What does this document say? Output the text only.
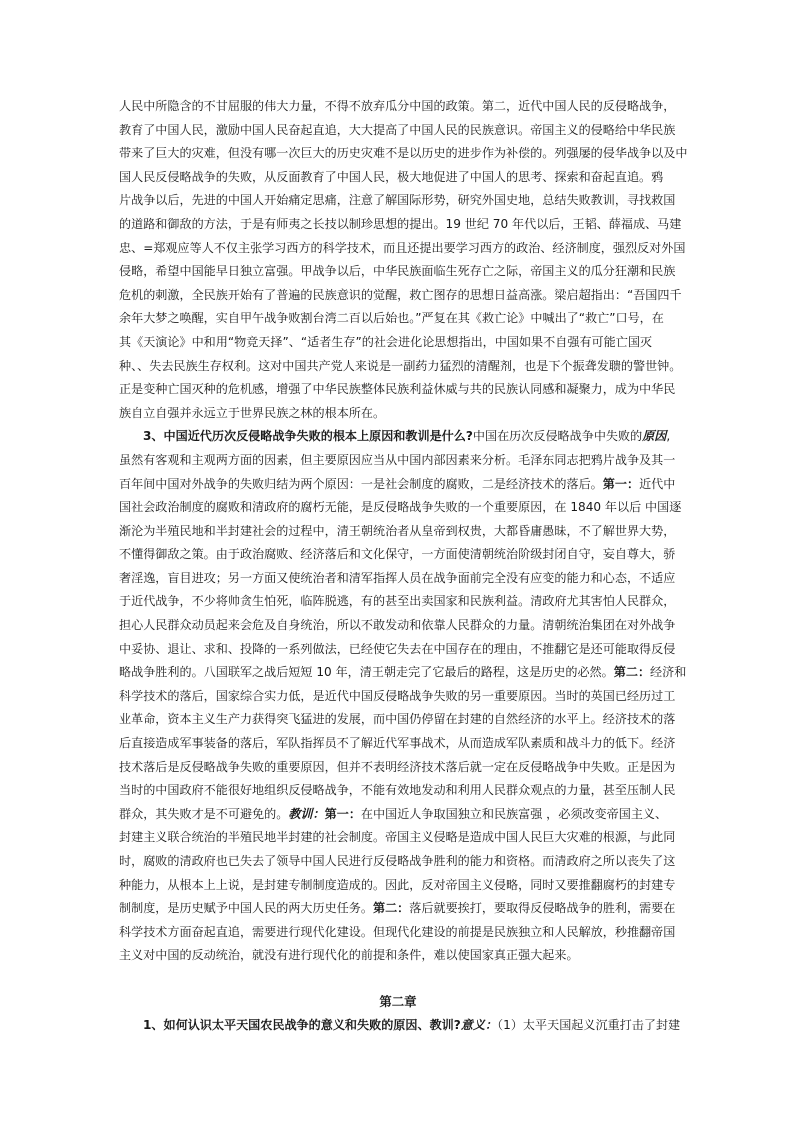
人民中所隐含的不甘屈服的伟大力量，不得不放弃瓜分中国的政策。第二，近代中国人民的反侵略战争，
教育了中国人民，激励中国人民奋起直追，大大提高了中国人民的民族意识。帝国主义的侵略给中华民族
带来了巨大的灾难，但没有哪一次巨大的历史灾难不是以历史的进步作为补偿的。列强屡的侵华战争以及中
国人民反侵略战争的失败，从反面教育了中国人民，极大地促进了中国人的思考、探索和奋起直追。鸦
片战争以后，先进的中国人开始痛定思痛，注意了解国际形势，研究外国史地，总结失败教训，寻找救国
的道路和御敌的方法，于是有师夷之长技以制珍思想的提出。19 世纪 70 年代以后，王韬、薛福成、马建
忠、=郑观应等人不仅主张学习西方的科学技术，而且还提出要学习西方的政治、经济制度，强烈反对外国
侵略，希望中国能早日独立富强。甲战争以后，中华民族面临生死存亡之际，帝国主义的瓜分狂潮和民族
危机的刺激，全民族开始有了普遍的民族意识的觉醒，救亡图存的思想日益高涨。梁启超指出：“吾国四千
余年大梦之唤醒，实自甲午战争败割台湾二百以后始也。”严复在其《救亡论》中喊出了“救亡”口号，在
其《天演论》中和用“物竞天择”、“适者生存”的社会进化论思想指出，中国如果不自强有可能亡国灭
种、、失去民族生存权利。这对中国共产党人来说是一副药力猛烈的清醒剂，也是下个振聋发聩的警世钟。
正是变种亡国灭种的危机感，增强了中华民族整体民族利益休威与共的民族认同感和凝聚力，成为中华民
族自立自强并永远立于世界民族之林的根本所在。
3、中国近代历次反侵略战争失败的根本上原因和教训是什么?中国在历次反侵略战争中失败的原因,
虽然有客观和主观两方面的因素，但主要原因应当从中国内部因素来分析。毛泽东同志把鸦片战争及其一
百年间中国对外战争的失败归结为两个原因：一是社会制度的腐败，二是经济技术的落后。第一：近代中
国社会政治制度的腐败和清政府的腐朽无能，是反侵略战争失败的一个重要原因，在 1840 年以后 中国逐
渐沦为半殖民地和半封建社会的过程中，清王朝统治者从皇帝到权贵，大都昏庸愚昧，不了解世界大势，
不懂得御敌之策。由于政治腐败、经济落后和文化保守，一方面使清朝统治阶级封闭自守，妄自尊大，骄
奢淫逸，盲目进攻；另一方面又使统治者和清军指挥人员在战争面前完全没有应变的能力和心态，不适应
于近代战争，不少将帅贪生怕死，临阵脱逃，有的甚至出卖国家和民族利益。清政府尤其害怕人民群众，
担心人民群众动员起来会危及自身统治，所以不敢发动和依靠人民群众的力量。清朝统治集团在对外战争
中妥协、退让、求和、投降的一系列做法，已经使它失去在中国存在的理由，不推翻它是还可能取得反侵
略战争胜利的。八国联军之战后短短 10 年，清王朝走完了它最后的路程，这是历史的必然。第二：经济和
科学技术的落后，国家综合实力低，是近代中国反侵略战争失败的另一重要原因。当时的英国已经历过工
业革命，资本主义生产力获得突飞猛进的发展，而中国仍停留在封建的自然经济的水平上。经济技术的落
后直接造成军事装备的落后，军队指挥员不了解近代军事战术，从而造成军队素质和战斗力的低下。经济
技术落后是反侵略战争失败的重要原因，但并不表明经济技术落后就一定在反侵略战争中失败。正是因为
当时的中国政府不能很好地组织反侵略战争，不能有效地发动和利用人民群众观点的力量，甚至压制人民
群众，其失败才是不可避免的。教训：第一：在中国近人争取国独立和民族富强 ，必须改变帝国主义、
封建主义联合统治的半殖民地半封建的社会制度。帝国主义侵略是造成中国人民巨大灾难的根源，与此同
时，腐败的清政府也已失去了领导中国人民进行反侵略战争胜利的能力和资格。而清政府之所以丧失了这
种能力，从根本上上说，是封建专制制度造成的。因此，反对帝国主义侵略，同时又要推翻腐朽的封建专
制制度，是历史赋予中国人民的两大历史任务。第二：落后就要挨打，要取得反侵略战争的胜利，需要在
科学技术方面奋起直追，需要进行现代化建设。但现代化建设的前提是民族独立和人民解放，秒推翻帝国
主义对中国的反动统治，就没有进行现代化的前提和条件，难以使国家真正强大起来。
第二章
1、如何认识太平天国农民战争的意义和失败的原因、教训?意义：（1）太平天国起义沉重打击了封建
